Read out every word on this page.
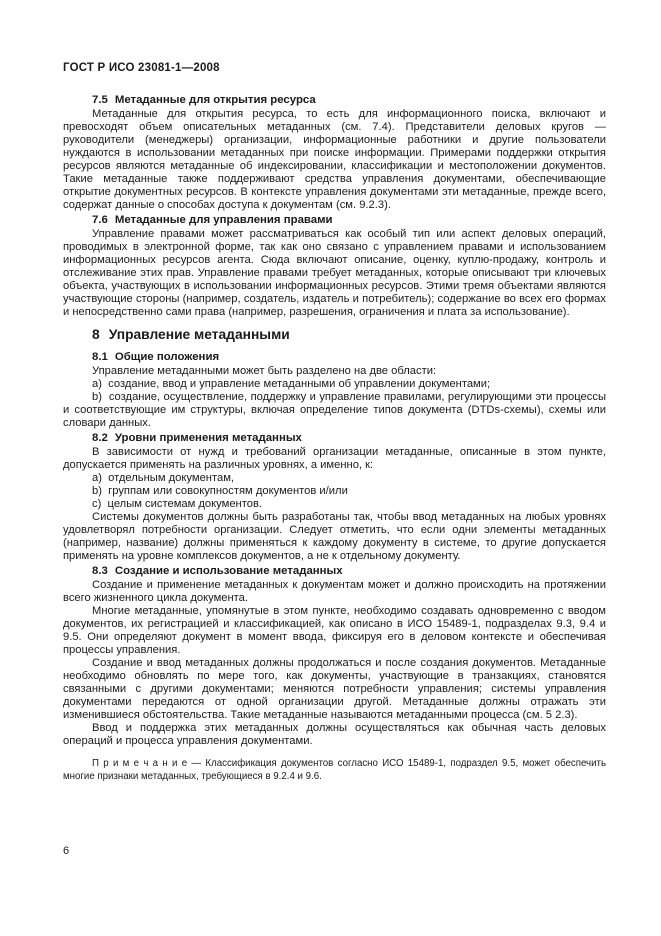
ГОСТ Р ИСО 23081-1—2008
7.5 Метаданные для открытия ресурса

Метаданные для открытия ресурса, то есть для информационного поиска, включают и превосходят объем описательных метаданных (см. 7.4). Представители деловых кругов — руководители (менеджеры) организации, информационные работники и другие пользователи нуждаются в использовании метаданных при поиске информации. Примерами поддержки открытия ресурсов являются метаданные об индексировании, классификации и местоположении документов. Такие метаданные также поддерживают средства управления документами, обеспечивающие открытие документных ресурсов. В контексте управления документами эти метаданные, прежде всего, содержат данные о способах доступа к документам (см. 9.2.3).

7.6 Метаданные для управления правами

Управление правами может рассматриваться как особый тип или аспект деловых операций, проводимых в электронной форме, так как оно связано с управлением правами и использованием информационных ресурсов агента. Сюда включают описание, оценку, куплю-продажу, контроль и отслеживание этих прав. Управление правами требует метаданных, которые описывают три ключевых объекта, участвующих в использовании информационных ресурсов. Этими тремя объектами являются участвующие стороны (например, создатель, издатель и потребитель); содержание во всех его формах и непосредственно сами права (например, разрешения, ограничения и плата за использование).

8 Управление метаданными
8.1 Общие положения

Управление метаданными может быть разделено на две области:

a)  создание, ввод и управление метаданными об управлении документами;

b)  создание, осуществление, поддержку и управление правилами, регулирующими эти процессы и соответствующие им структуры, включая определение типов документа (DTDs-схемы), схемы или словари данных.

8.2 Уровни применения метаданных

В зависимости от нужд и требований организации метаданные, описанные в этом пункте, допускается применять на различных уровнях, а именно, к:

a)  отдельным документам,

b)  группам или совокупностям документов и/или

c)  целым системам документов.

Системы документов должны быть разработаны так, чтобы ввод метаданных на любых уровнях удовлетворял потребности организации. Следует отметить, что если одни элементы метаданных (например, название) должны применяться к каждому документу в системе, то другие допускается применять на уровне комплексов документов, а не к отдельному документу.

8.3 Создание и использование метаданных

Создание и применение метаданных к документам может и должно происходить на протяжении всего жизненного цикла документа.

Многие метаданные, упомянутые в этом пункте, необходимо создавать одновременно с вводом документов, их регистрацией и классификацией, как описано в ИСО 15489-1, подразделах 9.3, 9.4 и 9.5. Они определяют документ в момент ввода, фиксируя его в деловом контексте и обеспечивая процессы управления.

Создание и ввод метаданных должны продолжаться и после создания документов. Метаданные необходимо обновлять по мере того, как документы, участвующие в транзакциях, становятся связанными с другими документами; меняются потребности управления; системы управления документами передаются от одной организации другой. Метаданные должны отражать эти изменившиеся обстоятельства. Такие метаданные называются метаданными процесса (см. 5 2.3).

Ввод и поддержка этих метаданных должны осуществляться как обычная часть деловых операций и процесса управления документами.

П р и м е ч а н и е — Классификация документов согласно ИСО 15489-1, подраздел 9.5, может обеспечить многие признаки метаданных, требующиеся в 9.2.4 и 9.6.

6
